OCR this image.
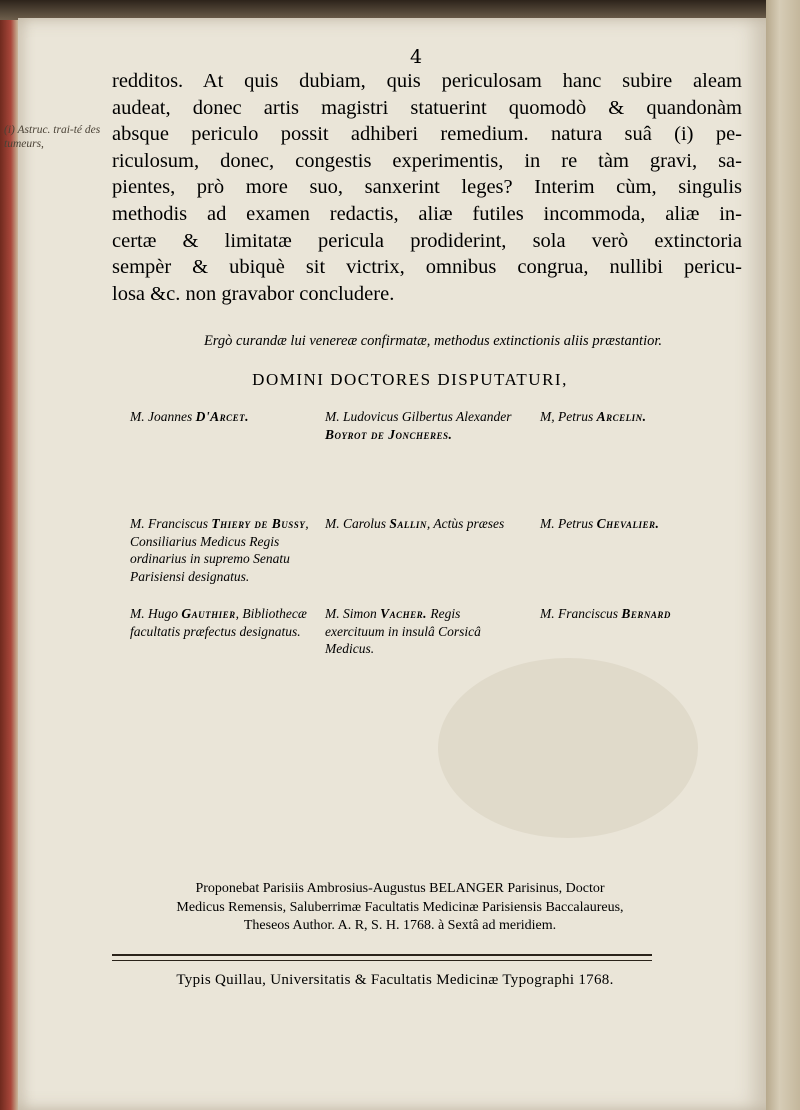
4
(i) Astruc. trai-té des tumeurs,
redditos. At quis dubiam, quis periculosam hanc subire aleam
audeat, donec artis magistri statuerint quomodò & quandonàm
absque periculo possit adhiberi remedium. natura suâ (i) pe-
riculosum, donec, congestis experimentis, in re tàm gravi, sa-
pientes, prò more suo, sanxerint leges? Interim cùm, singulis
methodis ad examen redactis, aliæ futiles incommoda, aliæ in-
certæ & limitatæ pericula prodiderint, sola verò extinctoria
sempèr & ubiquè sit victrix, omnibus congrua, nullibi pericu-
losa &c. non gravabor concludere.
Ergò curandæ lui venereæ confirmatæ, methodus extinctionis aliis præstantior.
DOMINI DOCTORES DISPUTATURI,
M. Joannes D'Arcet.	M. Ludovicus Gilbertus Alexander Boyrot de Joncheres.
M, Petrus Arcelin.
M. Franciscus Thiery de Bussy, Consiliarius Medicus Regis ordinarius in supremo Senatu Parisiensi designatus.
M. Carolus Sallin, Actùs præses	M. Petrus Chevalier.
M. Hugo Gauthier, Bibliothecæ facultatis præfectus designatus.
M. Simon Vacher. Regis exercituum in insulâ Corsicâ Medicus.
M. Franciscus Bernard
Proponebat Parisiis Ambrosius-Augustus BELANGER Parisinus, Doctor
Medicus Remensis, Saluberrimæ Facultatis Medicinæ Parisiensis Baccalaureus,
Theseos Author. A. R, S. H. 1768. à Sextâ ad meridiem.
Typis Quillau, Universitatis & Facultatis Medicinæ Typographi 1768.
